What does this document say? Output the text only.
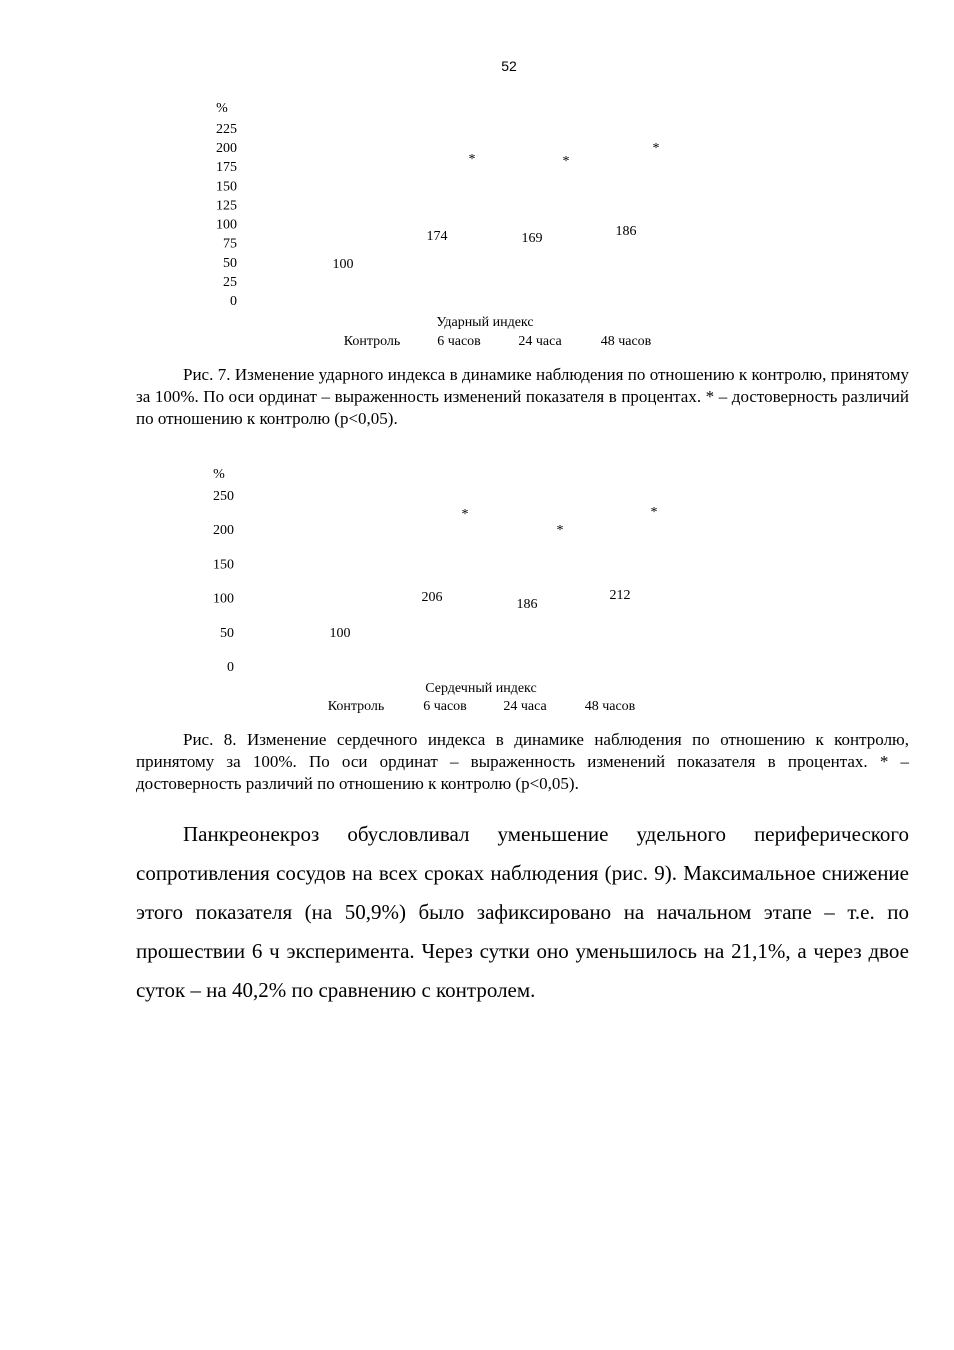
52
%
0
25
50
75
100
125
150
175
200
225
100
174	169	186
*	*
*
Ударный индекс
Контроль	6 часов	24 часа	48 часов
Рис. 7. Изменение ударного индекса в динамике наблюдения по отношению к контролю, принятому за 100%. По оси ординат – выраженность изменений показателя в процентах. * – достоверность различий по отношению к контролю (p<0,05).
%
0
50
100
150
200
250
100
206	186
212
*
*
*
Сердечный индекс
Контроль	6 часов	24 часа	48 часов
Рис. 8. Изменение сердечного индекса в динамике наблюдения по отношению к контролю, принятому за 100%. По оси ординат – выраженность изменений показателя в процентах. * – достоверность различий по отношению к контролю (p<0,05).
Панкреонекроз обусловливал уменьшение удельного периферического сопротивления сосудов на всех сроках наблюдения (рис. 9). Максимальное снижение этого показателя (на 50,9%) было зафиксировано на начальном этапе – т.е. по прошествии 6 ч эксперимента. Через сутки оно уменьшилось на 21,1%, а через двое суток – на 40,2% по сравнению с контролем.
